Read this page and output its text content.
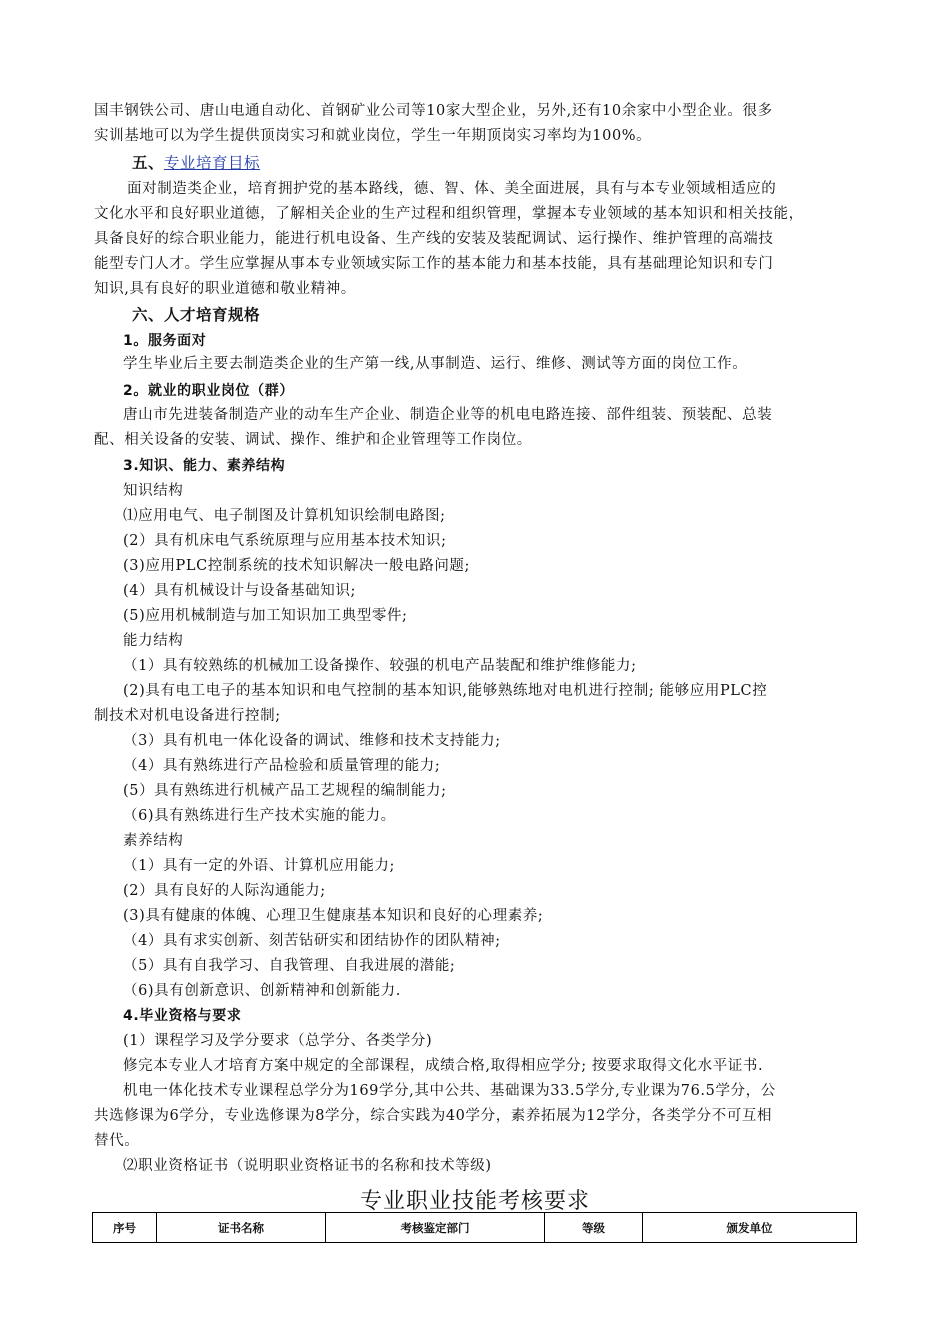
国丰钢铁公司、唐山电通自动化、首钢矿业公司等10家大型企业，另外,还有10余家中小型企业。很多
实训基地可以为学生提供顶岗实习和就业岗位，学生一年期顶岗实习率均为100%。
五、专业培育目标
面对制造类企业，培育拥护党的基本路线，德、智、体、美全面进展，具有与本专业领域相适应的
文化水平和良好职业道德，了解相关企业的生产过程和组织管理，掌握本专业领域的基本知识和相关技能，
具备良好的综合职业能力，能进行机电设备、生产线的安装及装配调试、运行操作、维护管理的高端技
能型专门人才。学生应掌握从事本专业领域实际工作的基本能力和基本技能，具有基础理论知识和专门
知识,具有良好的职业道德和敬业精神。
六、人才培育规格
1。服务面对
学生毕业后主要去制造类企业的生产第一线,从事制造、运行、维修、测试等方面的岗位工作。
2。就业的职业岗位（群）
唐山市先进装备制造产业的动车生产企业、制造企业等的机电电路连接、部件组装、预装配、总装
配、相关设备的安装、调试、操作、维护和企业管理等工作岗位。
3.知识、能力、素养结构
知识结构
⑴应用电气、电子制图及计算机知识绘制电路图;
(2）具有机床电气系统原理与应用基本技术知识;
(3)应用PLC控制系统的技术知识解决一般电路问题;
(4）具有机械设计与设备基础知识;
(5)应用机械制造与加工知识加工典型零件;
能力结构
（1）具有较熟练的机械加工设备操作、较强的机电产品装配和维护维修能力;
(2)具有电工电子的基本知识和电气控制的基本知识,能够熟练地对电机进行控制; 能够应用PLC控
制技术对机电设备进行控制;
（3）具有机电一体化设备的调试、维修和技术支持能力;
（4）具有熟练进行产品检验和质量管理的能力;
(5）具有熟练进行机械产品工艺规程的编制能力;
（6)具有熟练进行生产技术实施的能力。
素养结构
（1）具有一定的外语、计算机应用能力;
(2）具有良好的人际沟通能力;
(3)具有健康的体魄、心理卫生健康基本知识和良好的心理素养;
（4）具有求实创新、刻苦钻研实和团结协作的团队精神;
（5）具有自我学习、自我管理、自我进展的潜能;
（6)具有创新意识、创新精神和创新能力.
4.毕业资格与要求
(1）课程学习及学分要求（总学分、各类学分)
修完本专业人才培育方案中规定的全部课程，成绩合格,取得相应学分; 按要求取得文化水平证书.
机电一体化技术专业课程总学分为169学分,其中公共、基础课为33.5学分,专业课为76.5学分，公
共选修课为6学分，专业选修课为8学分，综合实践为40学分，素养拓展为12学分，各类学分不可互相
替代。
⑵职业资格证书（说明职业资格证书的名称和技术等级)
专业职业技能考核要求
序号	证书名称	考核鉴定部门	等级	颁发单位
